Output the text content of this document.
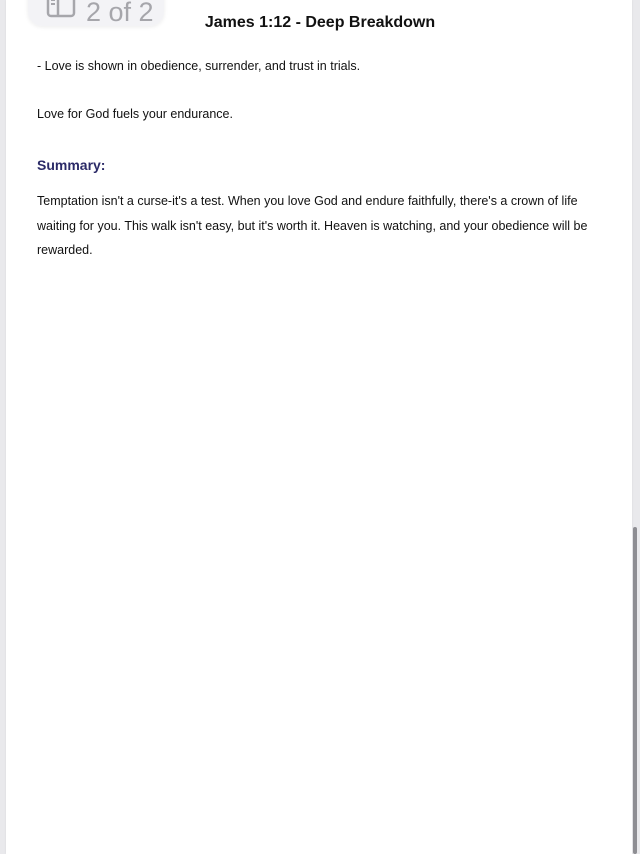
2 of 2	James 1:12 - Deep Breakdown
- Love is shown in obedience, surrender, and trust in trials.
Love for God fuels your endurance.
Summary:
Temptation isn't a curse-it's a test. When you love God and endure faithfully, there's a crown of life waiting for you. This walk isn't easy, but it's worth it. Heaven is watching, and your obedience will be rewarded.
